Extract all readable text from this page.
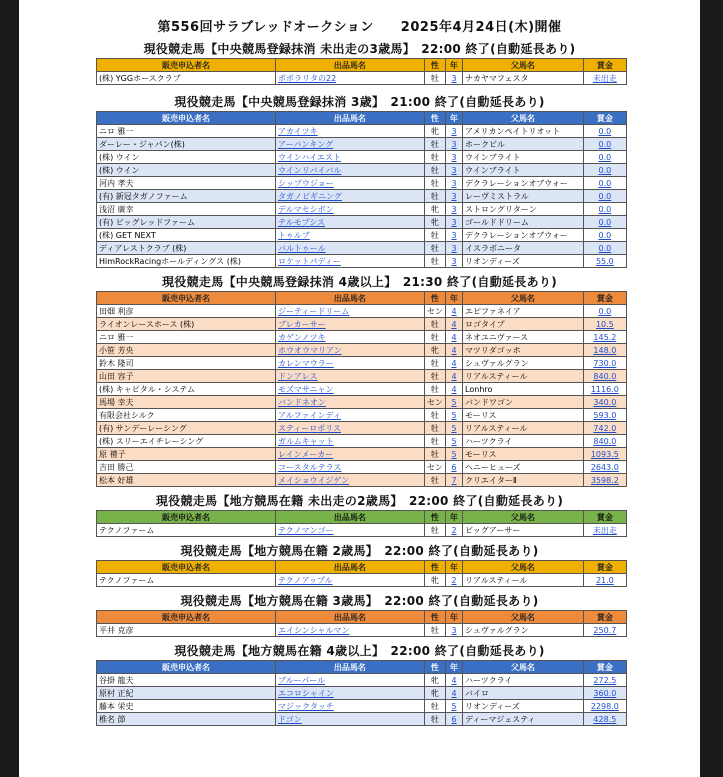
第556回サラブレッドオークション　　2025年4月24日(木)開催
現役競走馬【中央競馬登録抹消 未出走の3歳馬】　22:00 終了(自動延長あり)
販売申込者名	出品馬名	性	年	父馬名	賞金
(株) YGGホースクラブ	ポポラリタの22	牡	3	ナカヤマフェスタ	未出走
現役競走馬【中央競馬登録抹消 3歳】　21:00 終了(自動延長あり)
販売申込者名	出品馬名	性	年	父馬名	賞金
ニロ 雅一	アカイツキ	牝	3	アメリカンペイトリオット	0.0
ダーレー・ジャパン(株)	アーバンキング	牡	3	ホークビル	0.0
(株) ウイン	ウインハイエスト	牡	3	ウインブライト	0.0
(株) ウイン	ウインリバイバル	牡	3	ウインブライト	0.0
河内 孝夫	シップウジョー	牡	3	デクラレーションオブウォー	0.0
(有) 新冠タガノファーム	タガノビギニング	牡	3	レーヴミストラル	0.0
浅沼 廣幸	デルマセシボン	牝	3	ストロングリターン	0.0
(有) ビッグレッドファーム	テルモプシス	牝	3	ゴールドドリーム	0.0
(株) GET NEXT	トゥルブ	牡	3	デクラレーションオブウォー	0.0
ディアレストクラブ (株)	バルトゥール	牡	3	イスラボニータ	0.0
HimRockRacingホールディングス (株)	ロケットパディー	牡	3	リオンディーズ	55.0
現役競走馬【中央競馬登録抹消 4歳以上】　21:30 終了(自動延長あり)
販売申込者名	出品馬名	性	年	父馬名	賞金
田畑 利彦	ジーティードリーム	セン	4	エピファネイア	0.0
ライオンレースホース (株)	ブレカーサー	牡	4	ロゴタイプ	10.5
ニロ 雅一	カゲンノツキ	牡	4	ネオユニヴァース	145.2
小笹 芳央	ホウオウマリアン	牝	4	マツリダゴッホ	148.0
鈴木 隆司	カレンマウラー	牡	4	シュヴァルグラン	730.0
山田 容子	ドンアレス	牡	4	リアルスティール	840.0
(株) キャピタル・システム	モズマサニャン	牡	4	Lonhro	1116.0
馬場 幸夫	バンドネオン	セン	5	バンドワゴン	340.0
有限会社シルク	アルファインディ	牡	5	モーリス	593.0
(有) サンデーレーシング	スティーロポリス	牡	5	リアルスティール	742.0
(株) スリーエイチレーシング	ガルムキャット	牡	5	ハーツクライ	840.0
原 禮子	レインメーカー	牡	5	モーリス	1093.5
吉田 勝己	コースタルテラス	セン	6	ヘニーヒューズ	2643.0
松本 好雄	メイショウイジゲン	牡	7	クリエイターⅡ	3598.2
現役競走馬【地方競馬在籍 未出走の2歳馬】　22:00 終了(自動延長あり)
販売申込者名	出品馬名	性	年	父馬名	賞金
テクノファーム	テクノマンゴー	牡	2	ビッグアーサー	未出走
現役競走馬【地方競馬在籍 2歳馬】　22:00 終了(自動延長あり)
販売申込者名	出品馬名	性	年	父馬名	賞金
テクノファーム	テクノアップル	牝	2	リアルスティール	21.0
現役競走馬【地方競馬在籍 3歳馬】　22:00 終了(自動延長あり)
販売申込者名	出品馬名	性	年	父馬名	賞金
平井 克彦	エイシンシャルマン	牡	3	シュヴァルグラン	250.7
現役競走馬【地方競馬在籍 4歳以上】　22:00 終了(自動延長あり)
販売申込者名	出品馬名	性	年	父馬名	賞金
谷掛 龍夫	ブルーパール	牝	4	ハーツクライ	272.5
原村 正紀	エコロシャイン	牝	4	バイロ	360.0
藤本 栄史	マジックタッチ	牡	5	リオンディーズ	2298.0
椎名 節	ドゴン	牡	6	ディーマジェスティ	428.5
